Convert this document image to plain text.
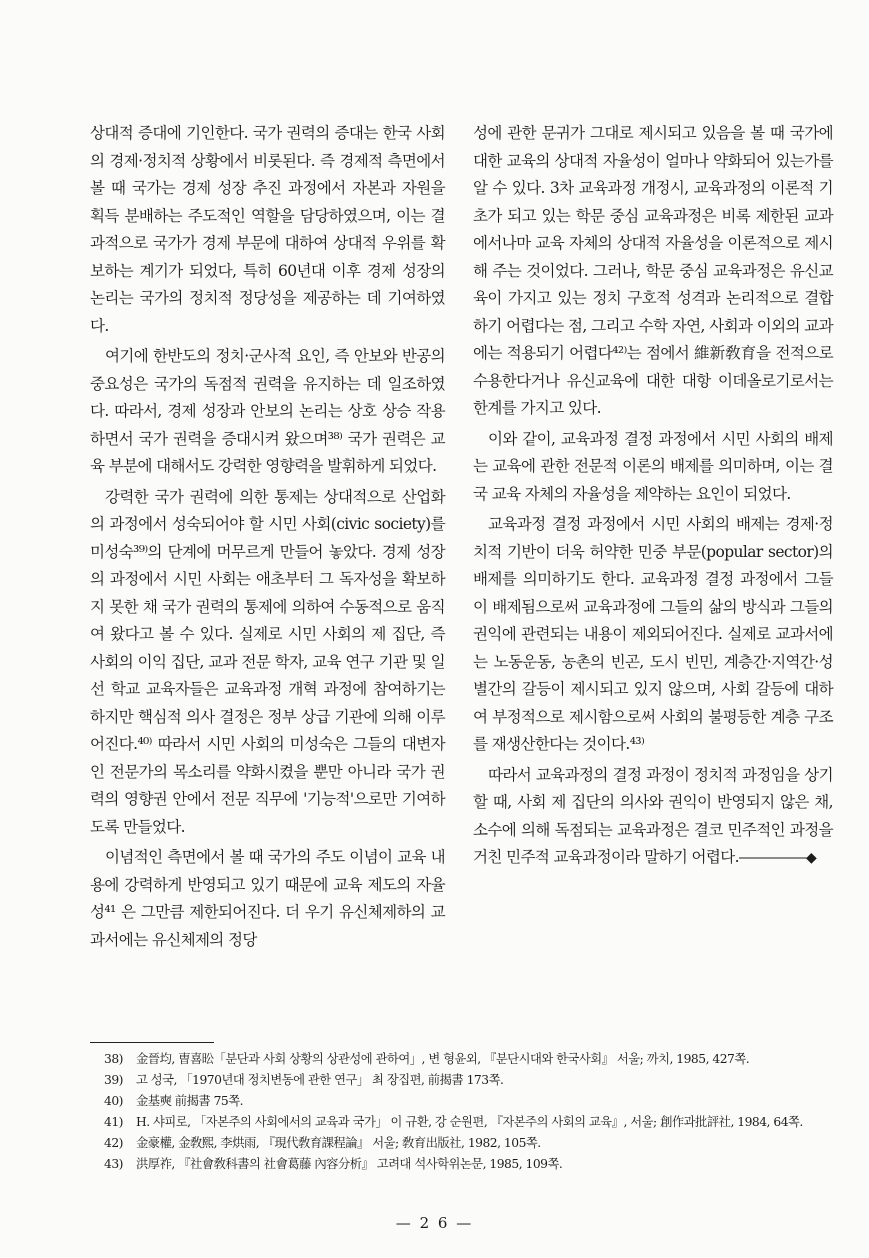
상대적 증대에 기인한다. 국가 권력의 증대는 한국 사회의 경제·정치적 상황에서 비롯된다. 즉 경제적 측면에서 볼 때 국가는 경제 성장 추진 과정에서 자본과 자원을 획득 분배하는 주도적인 역할을 담당하였으며, 이는 결과적으로 국가가 경제 부문에 대하여 상대적 우위를 확보하는 계기가 되었다, 특히 60년대 이후 경제 성장의 논리는 국가의 정치적 정당성을 제공하는 데 기여하였다.

여기에 한반도의 정치·군사적 요인, 즉 안보와 반공의 중요성은 국가의 독점적 권력을 유지하는 데 일조하였다. 따라서, 경제 성장과 안보의 논리는 상호 상승 작용하면서 국가 권력을 증대시켜 왔으며³⁸⁾ 국가 권력은 교육 부분에 대해서도 강력한 영향력을 발휘하게 되었다.

강력한 국가 권력에 의한 통제는 상대적으로 산업화의 과정에서 성숙되어야 할 시민 사회(civic society)를 미성숙³⁹⁾의 단계에 머무르게 만들어 놓았다. 경제 성장의 과정에서 시민 사회는 애초부터 그 독자성을 확보하지 못한 채 국가 권력의 통제에 의하여 수동적으로 움직여 왔다고 볼 수 있다. 실제로 시민 사회의 제 집단, 즉 사회의 이익 집단, 교과 전문 학자, 교육 연구 기관 및 일선 학교 교육자들은 교육과정 개혁 과정에 참여하기는 하지만 핵심적 의사 결정은 정부 상급 기관에 의해 이루어진다.⁴⁰⁾ 따라서 시민 사회의 미성숙은 그들의 대변자인 전문가의 목소리를 약화시켰을 뿐만 아니라 국가 권력의 영향권 안에서 전문 직무에 '기능적'으로만 기여하도록 만들었다.

이념적인 측면에서 볼 때 국가의 주도 이념이 교육 내용에 강력하게 반영되고 있기 때문에 교육 제도의 자율성⁴¹ 은 그만큼 제한되어진다. 더 우기 유신체제하의 교과서에는 유신체제의 정당

성에 관한 문귀가 그대로 제시되고 있음을 볼 때 국가에 대한 교육의 상대적 자율성이 얼마나 약화되어 있는가를 알 수 있다. 3차 교육과정 개정시, 교육과정의 이론적 기초가 되고 있는 학문 중심 교육과정은 비록 제한된 교과에서나마 교육 자체의 상대적 자율성을 이론적으로 제시해 주는 것이었다. 그러나, 학문 중심 교육과정은 유신교육이 가지고 있는 정치 구호적 성격과 논리적으로 결합하기 어렵다는 점, 그리고 수학 자연, 사회과 이외의 교과에는 적용되기 어렵다⁴²⁾는 점에서 維新敎育을 전적으로 수용한다거나 유신교육에 대한 대항 이데올로기로서는 한계를 가지고 있다.

이와 같이, 교육과정 결정 과정에서 시민 사회의 배제는 교육에 관한 전문적 이론의 배제를 의미하며, 이는 결국 교육 자체의 자율성을 제약하는 요인이 되었다.

교육과정 결정 과정에서 시민 사회의 배제는 경제·정치적 기반이 더욱 허약한 민중 부문(popular sector)의배제를 의미하기도 한다. 교육과정 결정 과정에서 그들이 배제됨으로써 교육과정에 그들의 삶의 방식과 그들의 권익에 관련되는 내용이 제외되어진다. 실제로 교과서에는 노동운동, 농촌의 빈곤, 도시 빈민, 계층간·지역간·성별간의 갈등이 제시되고 있지 않으며, 사회 갈등에 대하여 부정적으로 제시함으로써 사회의 불평등한 계층 구조를 재생산한다는 것이다.⁴³⁾

따라서 교육과정의 결정 과정이 정치적 과정임을 상기할 때, 사회 제 집단의 의사와 권익이 반영되지 않은 채, 소수에 의해 독점되는 교육과정은 결코 민주적인 과정을 거친 민주적 교육과정이라 말하기 어렵다.―――――◆

38) 金晉均, 曺喜昖「분단과 사회 상황의 상관성에 관하여」, 변 형윤외, 『분단시대와 한국사회』 서울; 까치, 1985, 427쪽.
39) 고 성국, 「1970년대 정치변동에 관한 연구」 최 장집편, 前揭書 173쪽.
40) 金基奭 前揭書 75쪽.
41) H. 샤피로, 「자본주의 사회에서의 교육과 국가」 이 규환, 강 순원편, 『자본주의 사회의 교육』, 서울; 創作과批評社, 1984, 64쪽.
42) 金豪權, 金敎熙, 李烘雨, 『現代敎育課程論』 서울; 敎育出版社, 1982, 105쪽.
43) 洪厚祚, 『社會敎科書의 社會葛藤 內容分析』 고려대 석사학위논문, 1985, 109쪽.
— 2 6 —
